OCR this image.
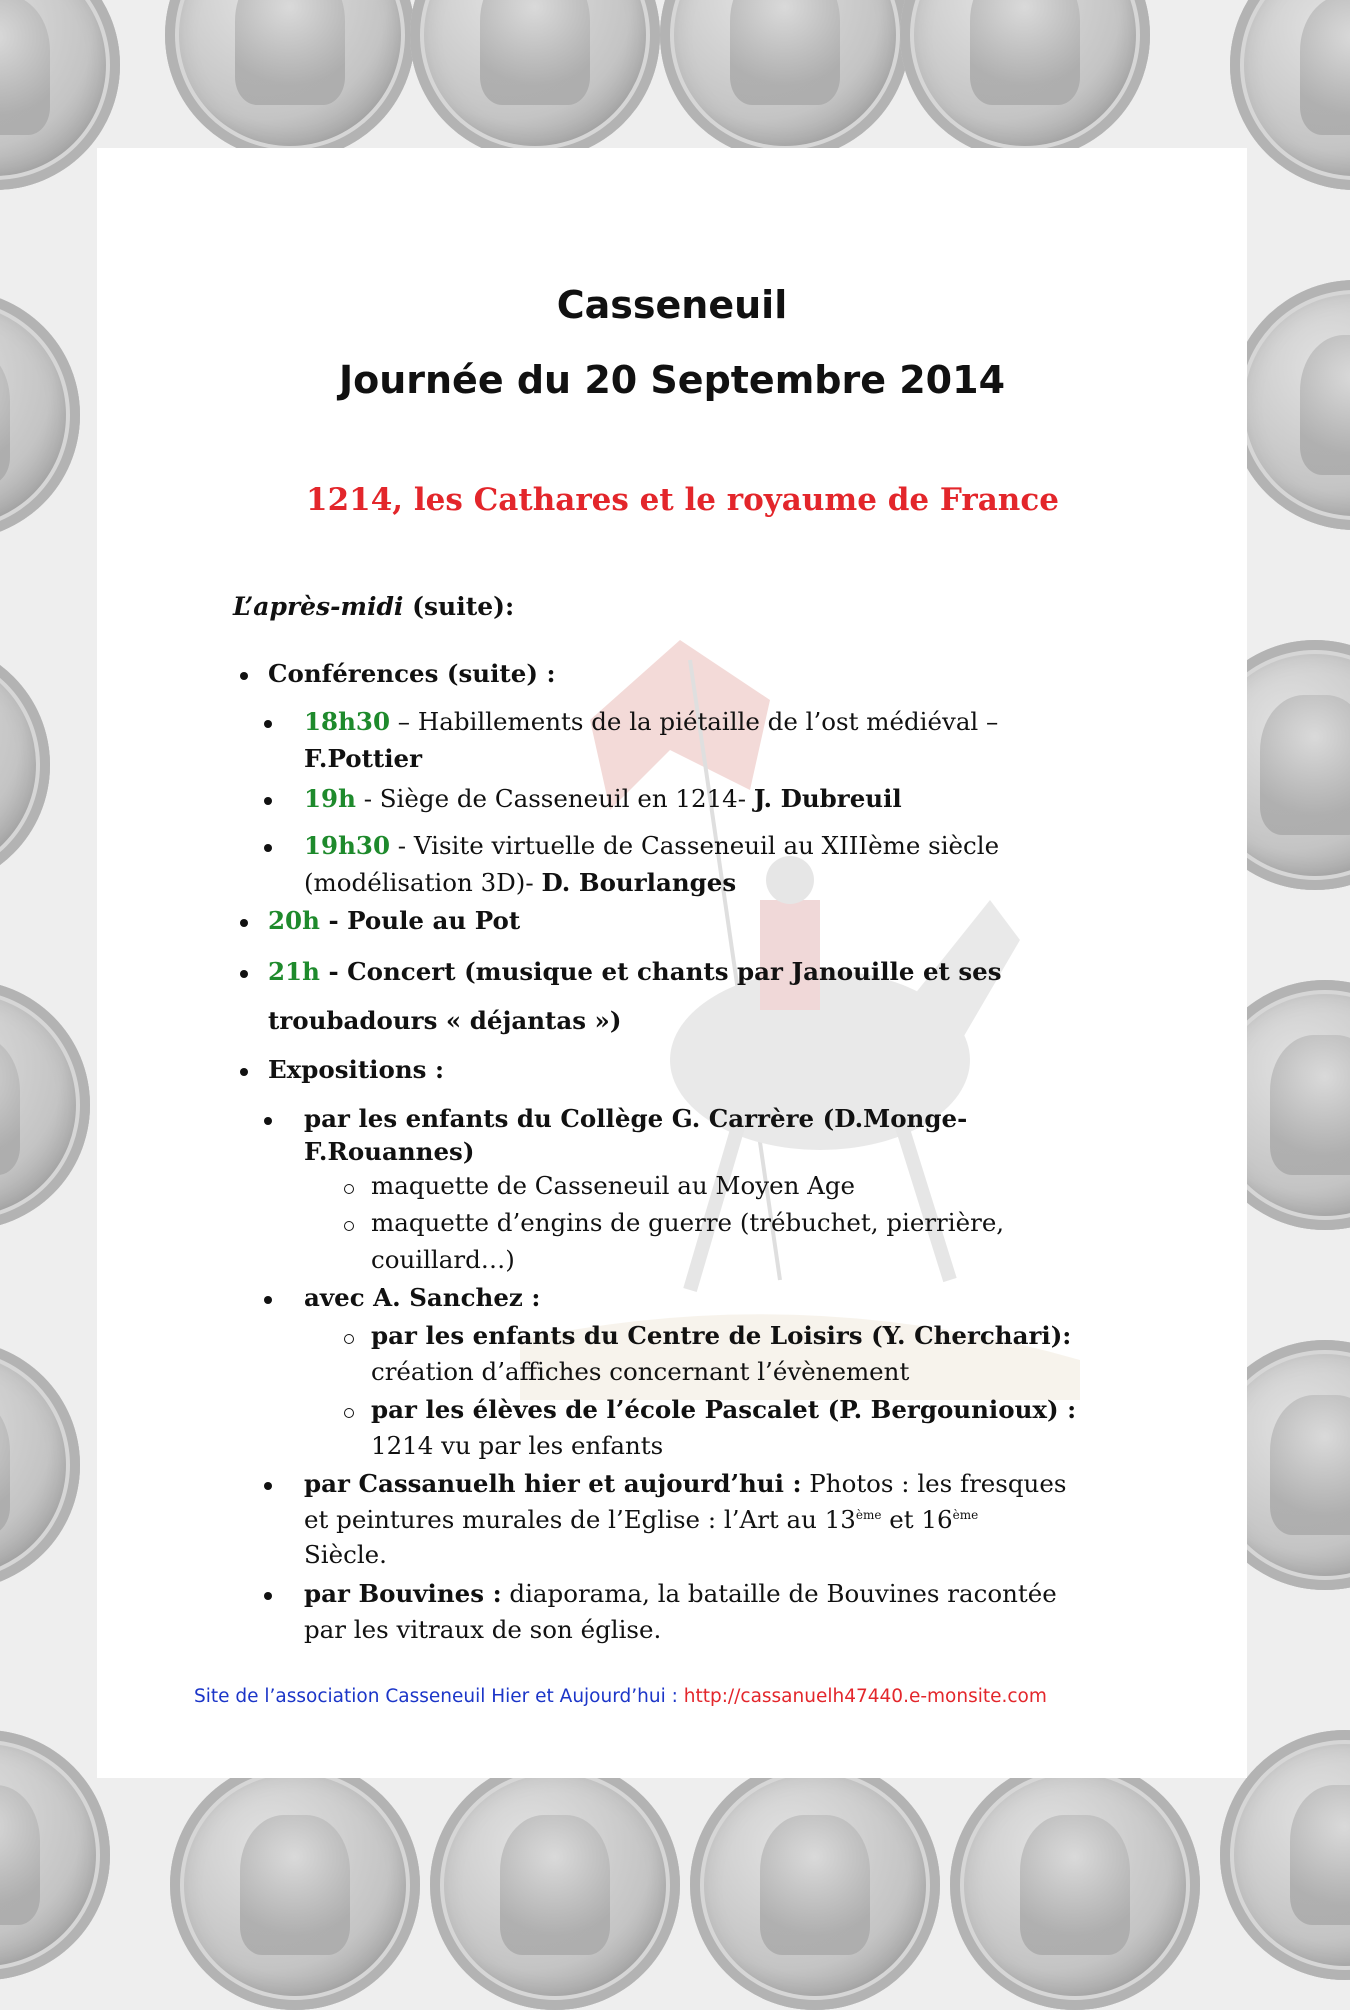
Casseneuil
Journée du 20 Septembre 2014
1214, les Cathares et le royaume de France
L’après-midi (suite):
Conférences (suite) :
18h30 – Habillements de la piétaille de l’ost médiéval –
F.Pottier
19h - Siège de Casseneuil en 1214- J. Dubreuil
19h30 - Visite virtuelle de Casseneuil au XIIIème siècle
(modélisation 3D)- D. Bourlanges
20h - Poule au Pot
21h - Concert (musique et chants par Janouille et ses
troubadours « déjantas »)
Expositions :
par les enfants du Collège G. Carrère (D.Monge-
F.Rouannes)
maquette de Casseneuil au Moyen Age
maquette d’engins de guerre (trébuchet, pierrière,
couillard…)
avec A. Sanchez :
par les enfants du Centre de Loisirs (Y. Cherchari):
création d’affiches concernant l’évènement
par les élèves de l’école Pascalet (P. Bergounioux) :
1214 vu par les enfants
par Cassanuelh hier et aujourd’hui : Photos : les fresques
et peintures murales de l’Eglise : l’Art au 13ème et 16ème
Siècle.
par Bouvines : diaporama, la bataille de Bouvines racontée
par les vitraux de son église.
Site de l’association Casseneuil Hier et Aujourd’hui : http://cassanuelh47440.e-monsite.com
